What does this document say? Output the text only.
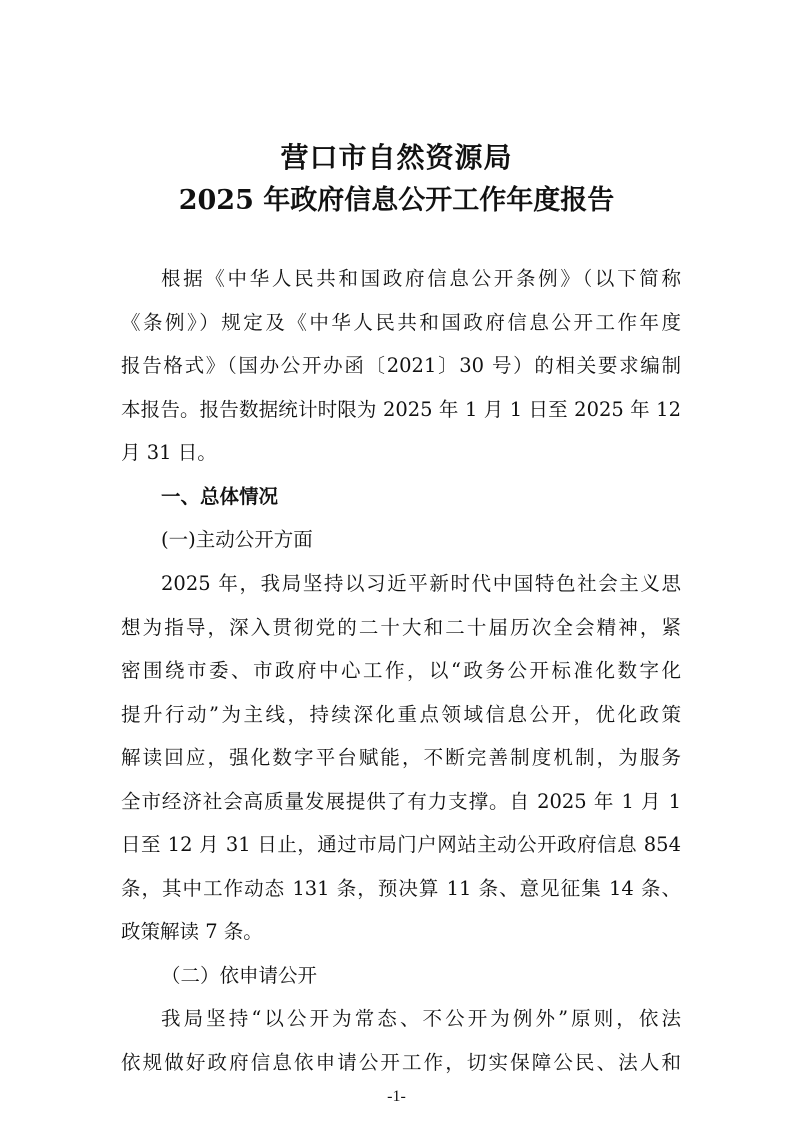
营口市自然资源局
2025 年政府信息公开工作年度报告
根据《中华人民共和国政府信息公开条例》（以下简称
《条例》）规定及《中华人民共和国政府信息公开工作年度
报告格式》（国办公开办函〔2021〕30 号）的相关要求编制
本报告。报告数据统计时限为 2025 年 1 月 1 日至 2025 年 12
月 31 日。
一、总体情况
(一)主动公开方面
2025 年，我局坚持以习近平新时代中国特色社会主义思
想为指导，深入贯彻党的二十大和二十届历次全会精神，紧
密围绕市委、市政府中心工作，以“政务公开标准化数字化
提升行动”为主线，持续深化重点领域信息公开，优化政策
解读回应，强化数字平台赋能，不断完善制度机制，为服务
全市经济社会高质量发展提供了有力支撑。自 2025 年 1 月 1
日至 12 月 31 日止，通过市局门户网站主动公开政府信息 854
条，其中工作动态 131 条，预决算 11 条、意见征集 14 条、
政策解读 7 条。
（二）依申请公开
我局坚持“以公开为常态、不公开为例外”原则，依法
依规做好政府信息依申请公开工作，切实保障公民、法人和
-1-
